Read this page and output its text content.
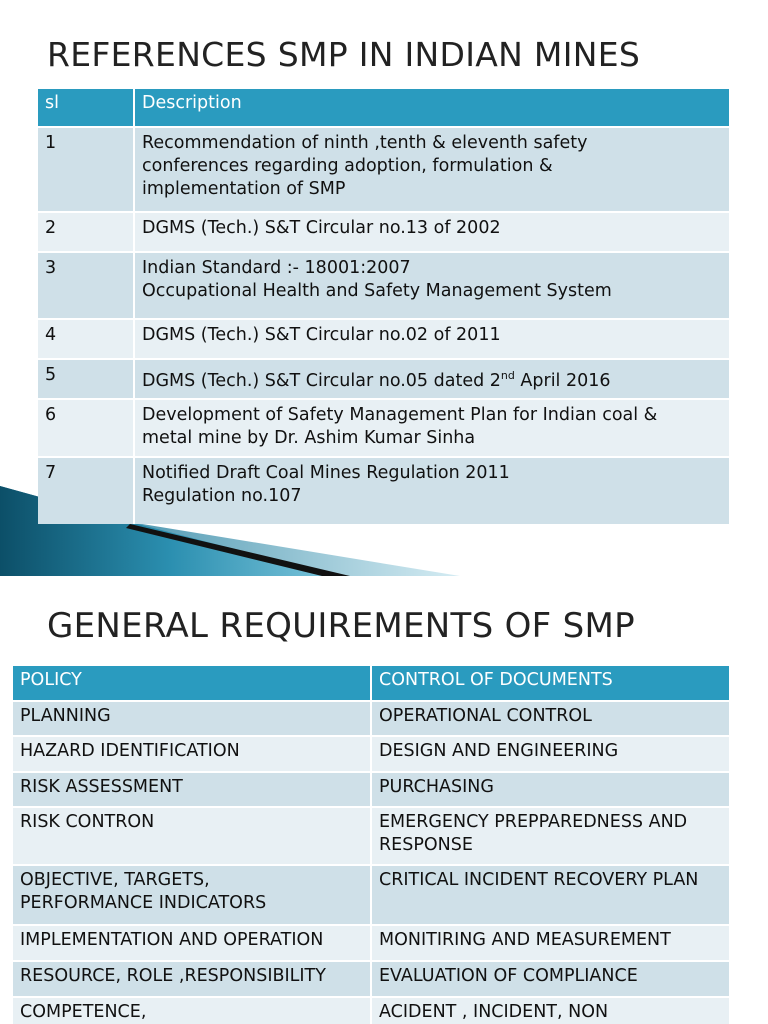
REFERENCES SMP IN INDIAN MINES
sl	Description
1	Recommendation of ninth ,tenth & eleventh safety
conferences regarding adoption, formulation &
implementation of SMP

2	DGMS (Tech.) S&T Circular no.13 of 2002

3	Indian Standard :- 18001:2007
Occupational Health and Safety Management System

4	DGMS (Tech.) S&T Circular no.02 of 2011

5	DGMS (Tech.) S&T Circular no.05 dated 2nd April 2016
6	Development of Safety Management Plan for Indian coal &
metal mine by Dr. Ashim Kumar Sinha

7	Notified Draft Coal Mines Regulation 2011
Regulation no.107
GENERAL REQUIREMENTS OF SMP
POLICY	CONTROL OF DOCUMENTS

PLANNING	OPERATIONAL CONTROL

HAZARD IDENTIFICATION	DESIGN AND ENGINEERING

RISK ASSESSMENT	PURCHASING

RISK CONTRON	EMERGENCY PREPPAREDNESS AND
RESPONSE

OBJECTIVE, TARGETS,
PERFORMANCE INDICATORS	CRITICAL INCIDENT RECOVERY PLAN

IMPLEMENTATION AND OPERATION	MONITIRING AND MEASUREMENT

RESOURCE, ROLE ,RESPONSIBILITY	EVALUATION OF COMPLIANCE

COMPETENCE,	ACIDENT , INCIDENT, NON
